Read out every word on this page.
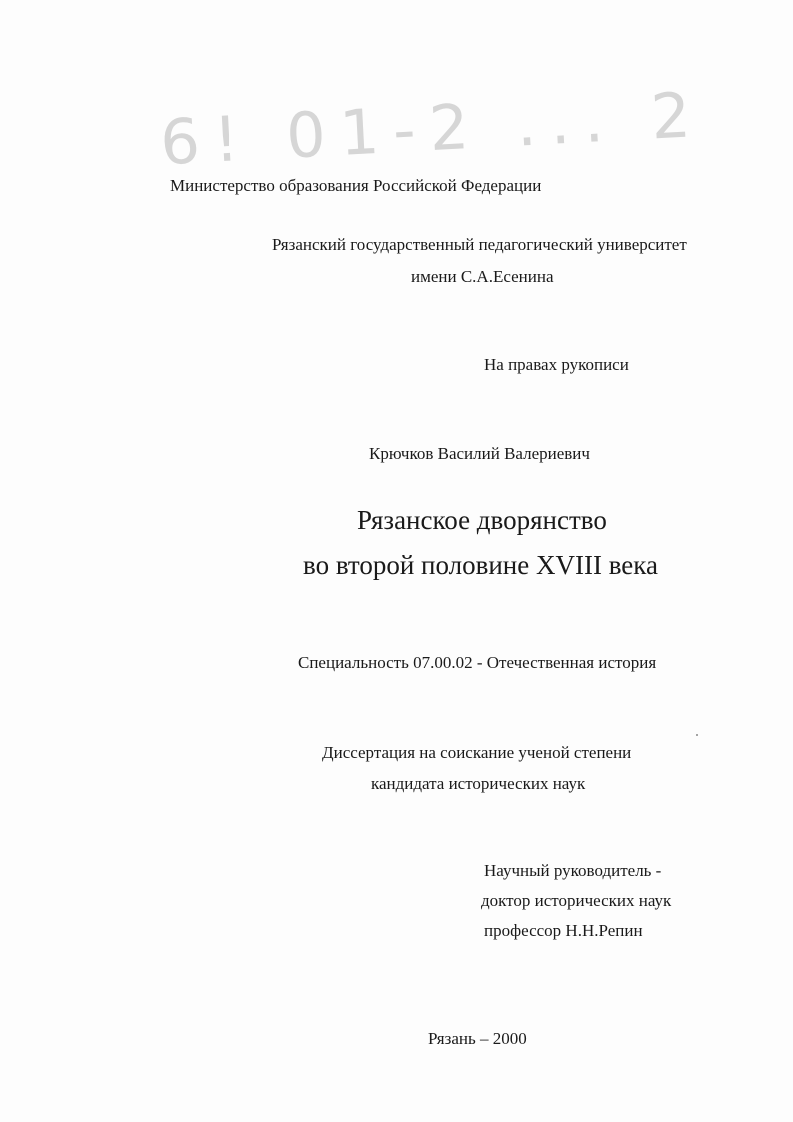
6! 01-2 ... 2
Министерство образования Российской Федерации
Рязанский государственный педагогический университет
имени С.А.Есенина
На правах рукописи
Крючков Василий Валериевич
Рязанское дворянство
во второй половине XVIII века
Специальность 07.00.02 - Отечественная история
Диссертация на соискание ученой степени
кандидата исторических наук
Научный руководитель -
доктор исторических наук
профессор Н.Н.Репин
Рязань – 2000
